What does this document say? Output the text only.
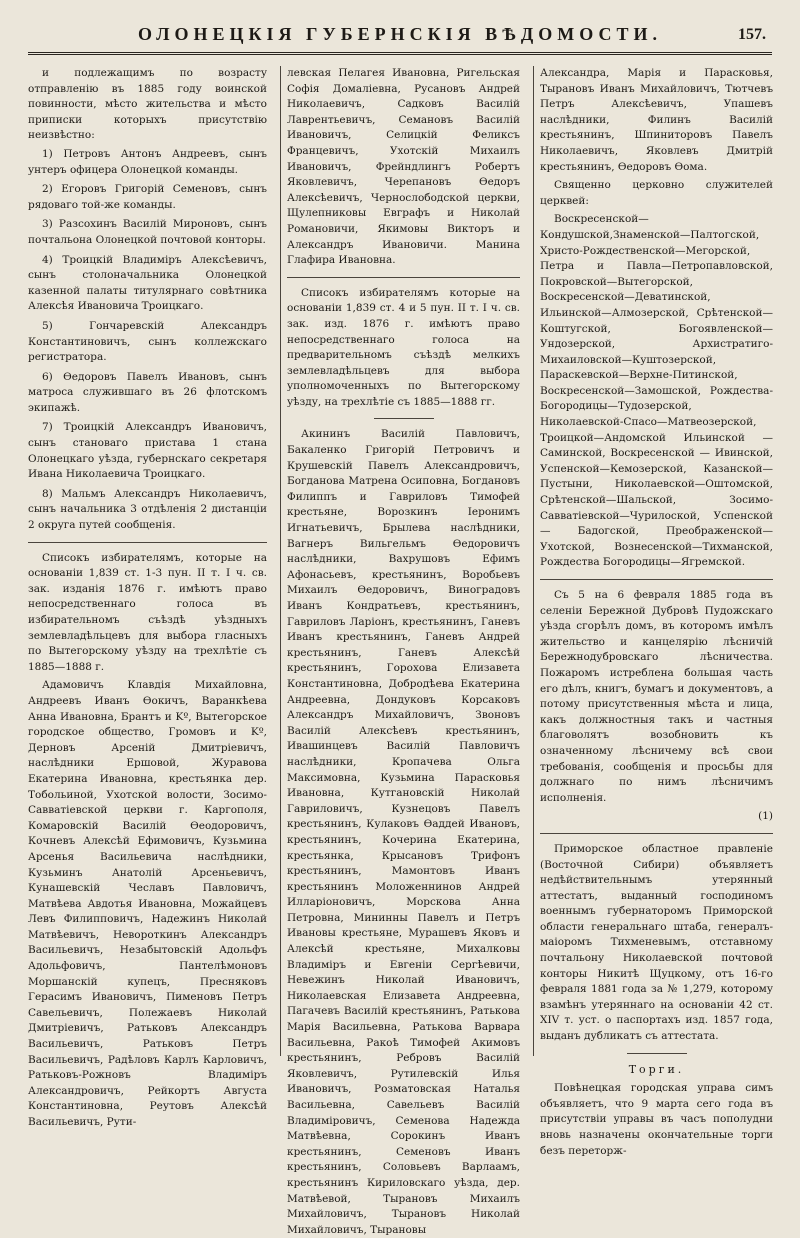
ОЛОНЕЦКІЯ ГУБЕРНСКІЯ ВѢДОМОСТИ.	157.

и подлежащимъ по возрасту отправленію въ 1885 году воинской повинности, мѣсто жительства и мѣсто приписки которыхъ присутствію неизвѣстно:

1) Петровъ Антонъ Андреевъ, сынъ унтеръ офицера Олонецкой команды.
2) Егоровъ Григорій Семеновъ, сынъ рядоваго той-же команды.
3) Разсохинъ Василій Мироновъ, сынъ почтальона Олонецкой почтовой конторы.
4) Троицкій Владиміръ Алексѣевичъ, сынъ столоначальника Олонецкой казенной палаты титулярнаго совѣтника Алексѣя Ивановича Троицкаго.
5) Гончаревскій Александръ Константиновичъ, сынъ коллежскаго регистратора.
6) Ѳедоровъ Павелъ Ивановъ, сынъ матроса служившаго въ 26 флотскомъ экипажѣ.
7) Троицкій Александръ Ивановичъ, сынъ становаго пристава 1 стана Олонецкаго уѣзда, губернскаго секретаря Ивана Николаевича Троицкаго.
8) Мальмъ Александръ Николаевичъ, сынъ начальника 3 отдѣленія 2 дистанціи 2 округа путей сообщенія.

Списокъ избирателямъ, которые на основаніи 1,839 ст. 1-3 пун. II т. I ч. св. зак. изданія 1876 г. имѣютъ право непосредственнаго голоса въ избирательномъ съѣздѣ уѣздныхъ землевладѣльцевъ для выбора гласныхъ по Вытегорскому уѣзду на трехлѣтіе съ 1885—1888 г.

Адамовичъ Клавдія Михайловна, Андреевъ Иванъ Ѳокичъ, Варанкѣева Анна Ивановна, Брантъ и Kº, Вытегорское городское общество, Громовъ и Kº, Дерновъ Арсеній Дмитріевичъ, наслѣдники Ершовой, Журавова Екатерина Ивановна, крестьянка дер. Тобольиной, Ухотской волости, Зосимо-Савватіевской церкви г. Каргополя, Комаровскій Василій Ѳеодоровичъ, Кочневъ Алексѣй Ефимовичъ, Кузьмина Арсенья Васильевича наслѣдники, Кузьминъ Анатолій Арсеньевичъ, Кунашевскій Чеславъ Павловичъ, Матвѣева Авдотья Ивановна, Можайцевъ Левъ Филипповичъ, Надежинъ Николай Матвѣевичъ, Невороткинъ Александръ Васильевичъ, Незабытовскій Адольфъ Адольфовичъ, Пантелѣмоновъ Моршанскій купецъ, Пресняковъ Герасимъ Ивановичъ, Пименовъ Петръ Савельевичъ, Полежаевъ Николай Дмитріевичъ, Ратьковъ Александръ Васильевичъ, Ратьковъ Петръ Васильевичъ, Радѣловъ Карлъ Карловичъ, Ратьковъ-Рожновъ Владиміръ Александровичъ, Рейкортъ Августа Константиновна, Реутовъ Алексѣй Васильевичъ, Рути-

левская Пелагея Ивановна, Ригельская Софія Домаліевна, Русановъ Андрей Николаевичъ, Садковъ Василій Лаврентьевичъ, Семановъ Василій Ивановичъ, Селицкій Феликсъ Францевичъ, Ухотскій Михаилъ Ивановичъ, Фрейндлингъ Робертъ Яковлевичъ, Черепановъ Ѳедоръ Алексѣевичъ, Черноcлободской церкви, Щулепниковы Евграфъ и Николай Романовичи, Якимовы Викторъ и Александръ Ивановичи. Манина Глафира Ивановна.

Списокъ избирателямъ которые на основаніи 1,839 ст. 4 и 5 пун. II т. I ч. св. зак. изд. 1876 г. имѣютъ право непосредственнаго голоса на предварительномъ съѣздѣ мелкихъ землевладѣльцевъ для выбора уполномоченныхъ по Вытегорскому уѣзду, на трехлѣтіе съ 1885—1888 гг.

Акининъ Василій Павловичъ, Бакаленко Григорій Петровичъ и Крушевскій Павелъ Александровичъ, Богданова Матрена Осиповна, Богдановъ Филиппъ и Гавриловъ Тимофей крестьяне, Ворозкинъ Іеронимъ Игнатьевичъ, Брылева наслѣдники, Вагнеръ Вильгельмъ Ѳедоровичъ наслѣдники, Вахрушовъ Ефимъ Афонасьевъ, крестьянинъ, Воробьевъ Михаилъ Ѳедоровичъ, Виноградовъ Иванъ Кондратьевъ, крестьянинъ, Гавриловъ Ларіонъ, крестьянинъ, Ганевъ Иванъ крестьянинъ, Ганевъ Андрей крестьянинъ, Ганевъ Алексѣй крестьянинъ, Горохова Елизавета Константиновна, Добродѣева Екатерина Андреевна, Дондуковъ Корсаковъ Александръ Михайловичъ, Звоновъ Василій Алексѣевъ крестьянинъ, Ивашинцевъ Василій Павловичъ наслѣдники, Кропачева Ольга Максимовна, Кузьмина Парасковья Ивановна, Кутгановскій Николай Гавриловичъ, Кузнецовъ Павелъ крестьянинъ, Кулаковъ Ѳаддей Ивановъ, крестьянинъ, Кочерина Екатерина, крестьянка, Крысановъ Трифонъ крестьянинъ, Мамонтовъ Иванъ крестьянинъ Моложеннинов Андрей Илларіоновичъ, Морскова Анна Петровна, Мининны Павелъ и Петръ Ивановы крестьяне, Мурашевъ Яковъ и Алексѣй крестьяне, Михалковы Владиміръ и Евгеніи Сергѣевичи, Невежинъ Николай Ивановичъ, Николаевская Елизавета Андреевна, Пагачевъ Василій крестьянинъ, Ратькова Марія Васильевна, Ратькова Варвара Васильевна, Ракоѣ Тимофей Акимовъ крестьянинъ, Ребровъ Василій Яковлевичъ, Рутилевскій Илья Ивановичъ, Розматовская Наталья Васильевна, Савельевъ Василій Владиміровичъ, Семенова Надежда Матвѣевна, Сорокинъ Иванъ крестьянинъ, Семеновъ Иванъ крестьянинъ, Соловьевъ Варлаамъ, крестьянинъ Кириловскаго уѣзда, дер. Матвѣевой, Тырановъ Михаилъ Михайловичъ, Тырановъ Николай Михайловичъ, Тырановы

Александра, Марія и Парасковья, Тырановъ Иванъ Михайловичъ, Тютчевъ Петръ Алексѣевичъ, Упашевъ наслѣдники, Филинъ Василій крестьянинъ, Шпиниторовъ Павелъ Николаевичъ, Яковлевъ Дмитрій крестьянинъ, Ѳедоровъ Ѳома.

Священно церковно служителей церквей:

Воскресенской—Кондушской,Знаменской—Палтогской, Христо-Рождественской—Мегорской, Петра и Павла—Петропавловской, Покровской—Вытегорской, Воскресенской—Деватинской, Ильинской—Алмозерской, Срѣтенской—Коштугской, Богоявленской—Ундозерской, Архистратиго-Михаиловской—Куштозерской, Параскевской—Верхне-Питинской, Воскресенской—Замошской, Рождества-Богородицы—Тудозерской, Николаевской-Спасо—Матвеозерской, Троицкой—Андомской Ильинской — Саминской, Воскресенской — Ивинской, Успенской—Кемозерской, Казанской—Пустыни, Николаевской—Оштомской, Срѣтенской—Шальской, Зосимо-Савватіевской—Чурилоской, Успенской — Бадогской, Преображенской—Ухотской, Вознесенской—Тихманской, Рождества Богородицы—Ягремской.

Съ 5 на 6 февраля 1885 года въ селеніи Бережной Дубровѣ Пудожскаго уѣзда сгорѣлъ домъ, въ которомъ имѣлъ жительство и канцелярію лѣсничій Бережнодубровскаго лѣсничества. Пожаромъ истреблена большая часть его дѣлъ, книгъ, бумагъ и документовъ, а потому присутственныя мѣста и лица, какъ должностныя такъ и частныя благоволятъ возобновить къ означенному лѣсничему всѣ свои требованія, сообщенія и просьбы для должнаго по нимъ лѣсничимъ исполненія.

(1)

Приморское областное правленіе (Восточной Сибири) объявляетъ недѣйствительнымъ утерянный аттестатъ, выданный господиномъ военнымъ губернаторомъ Приморской области генеральнаго штаба, генералъ-маіоромъ Тихменевымъ, отставному почтальону Николаевской почтовой конторы Никитѣ Щуцкому, отъ 16-го февраля 1881 года за № 1,279, которому взамѣнъ утеряннаго на основаніи 42 ст. XIV т. уст. о паспортахъ изд. 1857 года, выданъ дубликатъ съ аттестата.

Торги.

Повѣнецкая городская управа симъ объявляетъ, что 9 марта сего года въ присутствіи управы въ часъ пополудни вновь назначены окончательные торги безъ переторж-
